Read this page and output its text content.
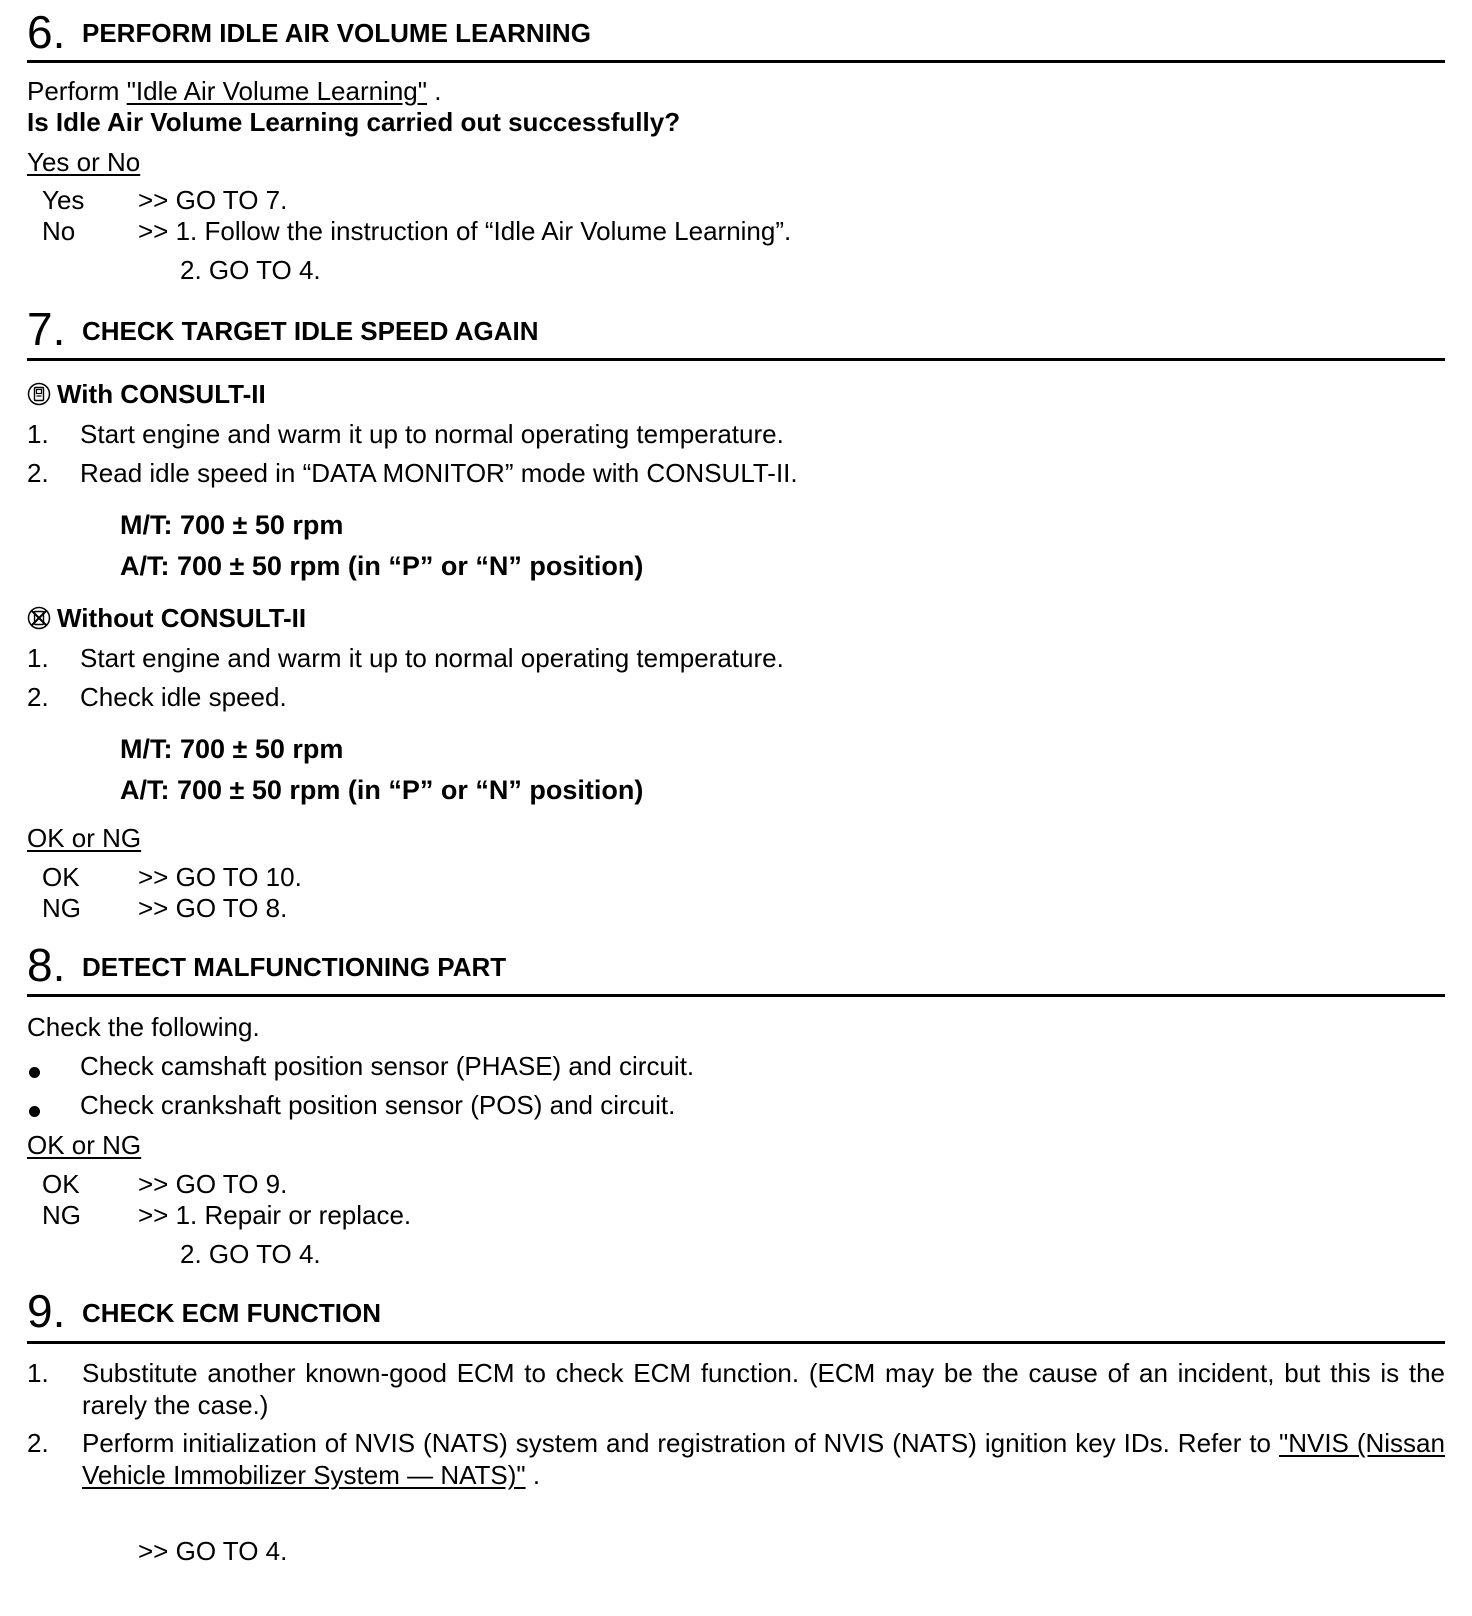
6. PERFORM IDLE AIR VOLUME LEARNING
Perform "Idle Air Volume Learning" .
Is Idle Air Volume Learning carried out successfully?
Yes or No
Yes >> GO TO 7.
No >> 1. Follow the instruction of “Idle Air Volume Learning”.
2. GO TO 4.
7. CHECK TARGET IDLE SPEED AGAIN
With CONSULT-II
1. Start engine and warm it up to normal operating temperature.
2. Read idle speed in “DATA MONITOR” mode with CONSULT-II.
M/T: 700 ± 50 rpm
A/T: 700 ± 50 rpm (in “P” or “N” position)
Without CONSULT-II
1. Start engine and warm it up to normal operating temperature.
2. Check idle speed.
M/T: 700 ± 50 rpm
A/T: 700 ± 50 rpm (in “P” or “N” position)
OK or NG
OK >> GO TO 10.
NG >> GO TO 8.
8. DETECT MALFUNCTIONING PART
Check the following.
Check camshaft position sensor (PHASE) and circuit.
Check crankshaft position sensor (POS) and circuit.
OK or NG
OK >> GO TO 9.
NG >> 1. Repair or replace.
2. GO TO 4.
9. CHECK ECM FUNCTION
1. Substitute another known-good ECM to check ECM function. (ECM may be the cause of an incident, but this is the rarely the case.)
2. Perform initialization of NVIS (NATS) system and registration of NVIS (NATS) ignition key IDs. Refer to "NVIS (Nissan Vehicle Immobilizer System — NATS)" .
>> GO TO 4.
